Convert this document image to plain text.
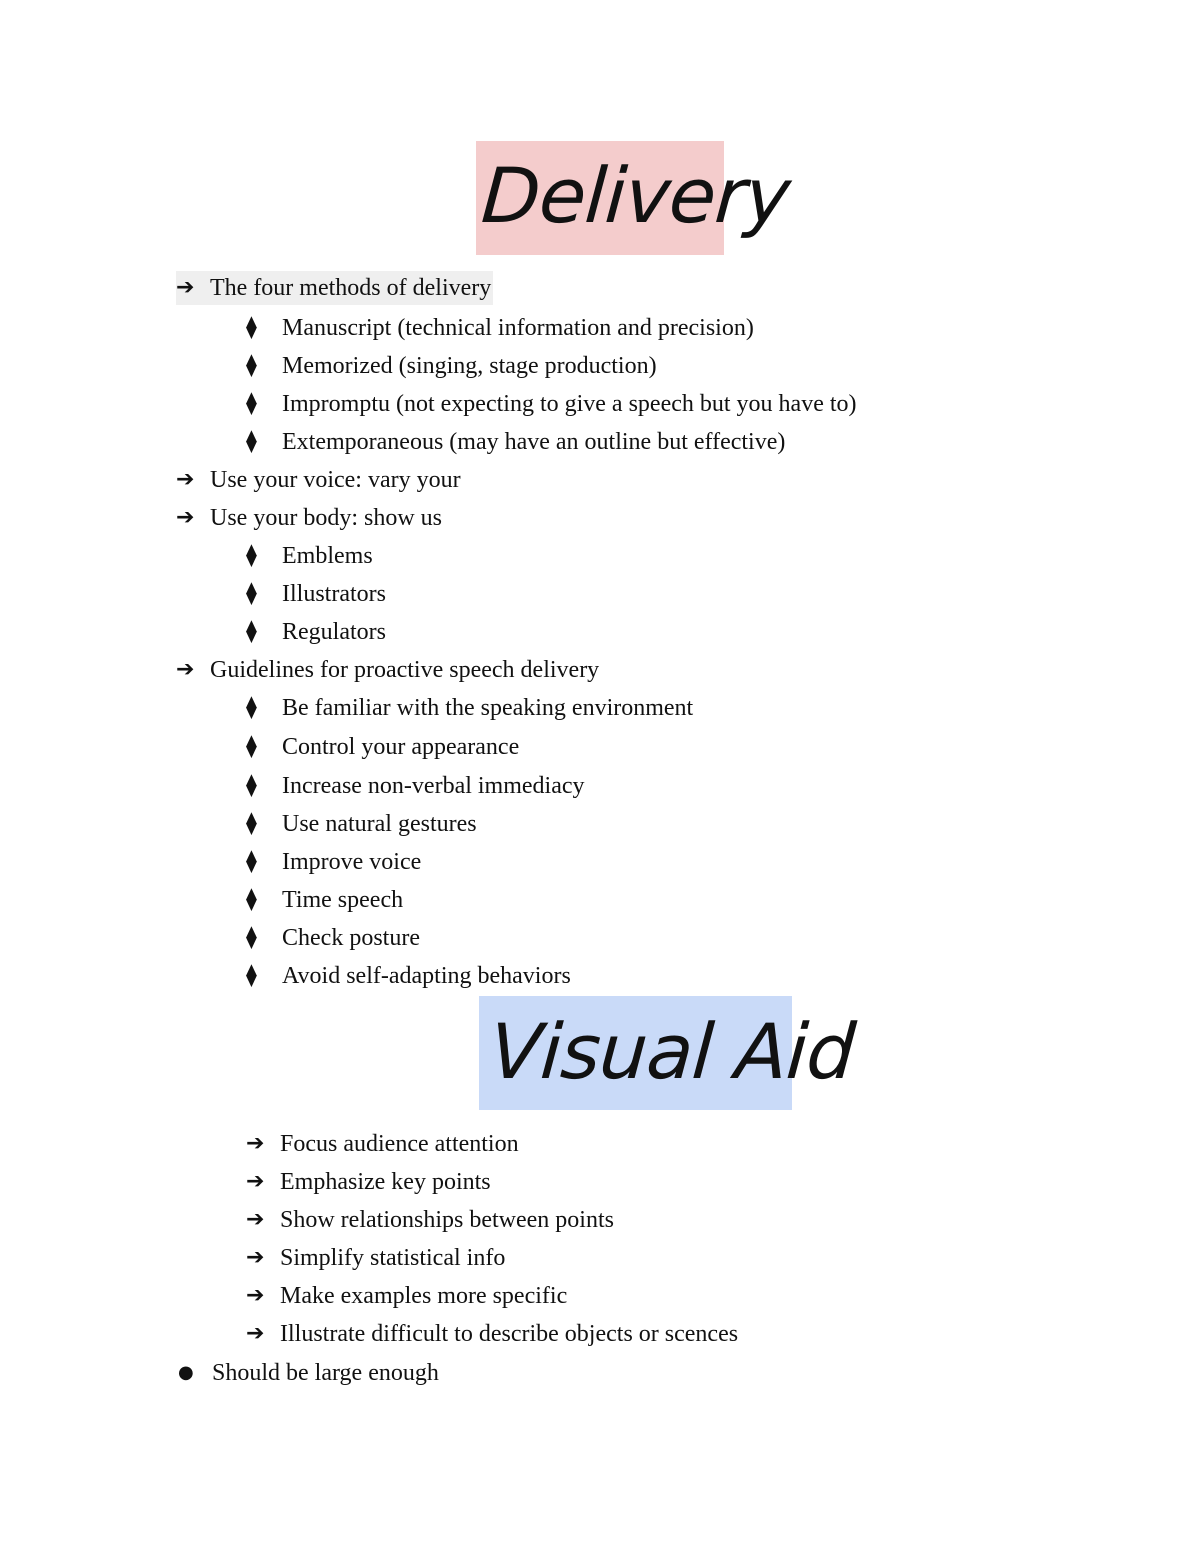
Delivery
➔ The four methods of delivery
⧫	Manuscript (technical information and precision)
⧫	Memorized (singing, stage production)
⧫	Impromptu (not expecting to give a speech but you have to)
⧫	Extemporaneous (may have an outline but effective)
➔ Use your voice: vary your
➔ Use your body: show us
⧫	Emblems
⧫	Illustrators
⧫	Regulators
➔ Guidelines for proactive speech delivery
⧫	Be familiar with the speaking environment
⧫	Control your appearance
⧫	Increase non-verbal immediacy
⧫	Use natural gestures
⧫	Improve voice
⧫	Time speech
⧫	Check posture
⧫	Avoid self-adapting behaviors
Visual Aid
➔ Focus audience attention
➔ Emphasize key points
➔ Show relationships between points
➔ Simplify statistical info
➔ Make examples more specific
➔ Illustrate difficult to describe objects or scences
● Should be large enough
